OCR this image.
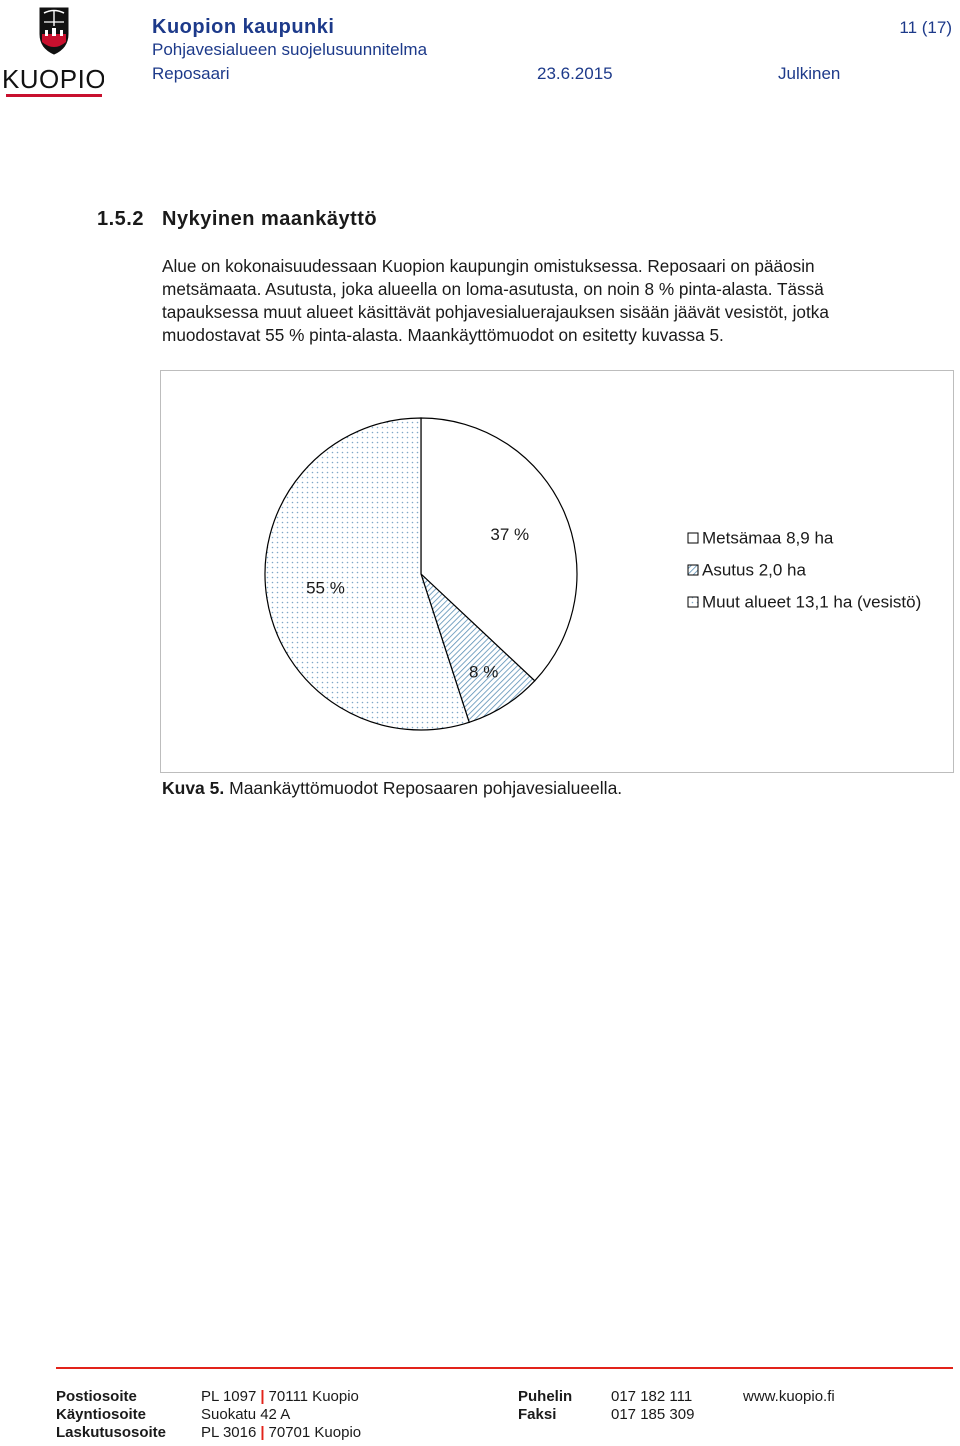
KUOPIO
Kuopion kaupunki
Pohjavesialueen suojelusuunnitelma
Reposaari	23.6.2015	Julkinen
11 (17)
1.5.2 Nykyinen maankäyttö

Alue on kokonaisuudessaan Kuopion kaupungin omistuksessa. Reposaari on pääosin

metsämaata. Asutusta, joka alueella on loma-asutusta, on noin 8 % pinta-alasta. Tässä

tapauksessa muut alueet käsittävät pohjavesialuerajauksen sisään jäävät vesistöt, jotka

muodostavat 55 % pinta-alasta. Maankäyttömuodot on esitetty kuvassa 5.

37 %
8 %
55 %
Metsämaa 8,9 ha
Asutus 2,0 ha
Muut alueet 13,1 ha (vesistö)
Kuva 5. Maankäyttömuodot Reposaaren pohjavesialueella.
Postiosoite	PL 1097 | 70111 Kuopio	Puhelin	017 182 111	www.kuopio.fi
Käyntiosoite	Suokatu 42 A	Faksi	017 185 309
Laskutusosoite PL 3016 | 70701 Kuopio
